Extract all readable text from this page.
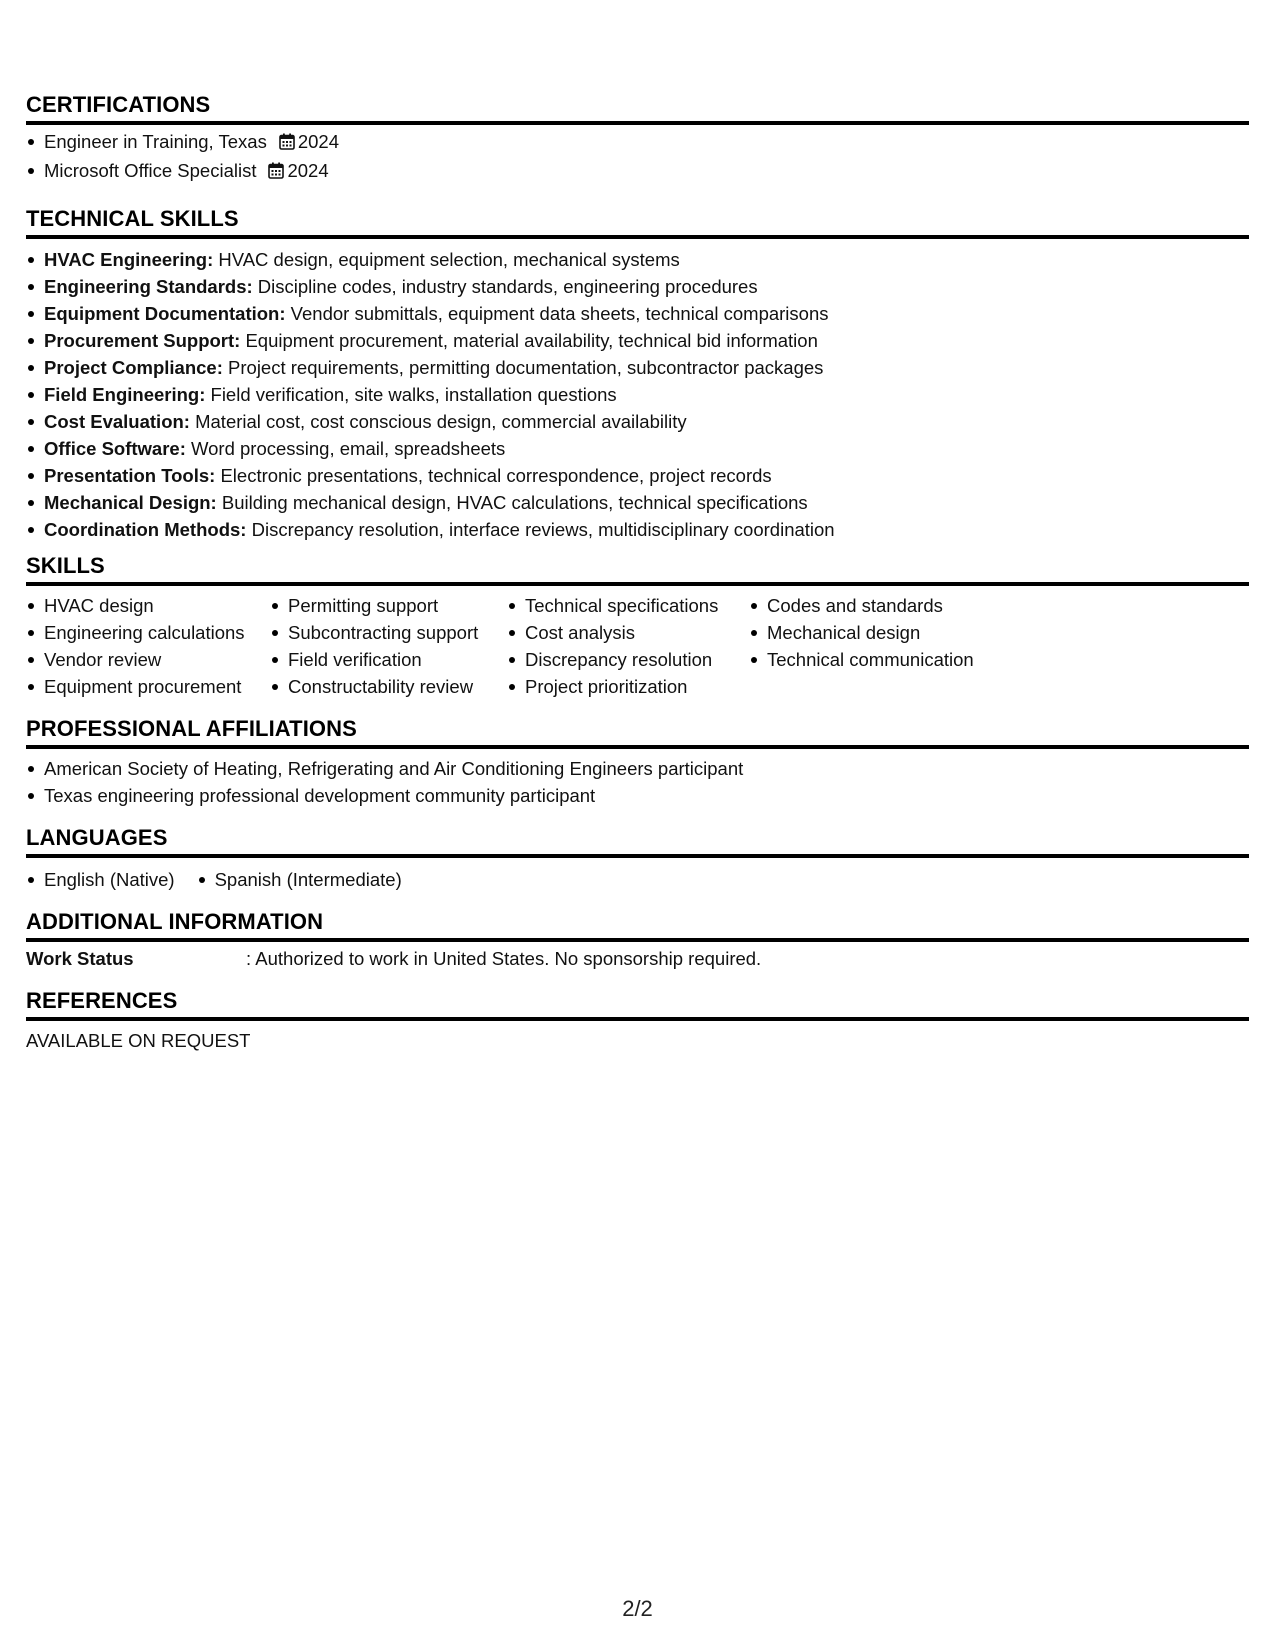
CERTIFICATIONS
Engineer in Training, Texas 2024
Microsoft Office Specialist 2024
TECHNICAL SKILLS
HVAC Engineering: HVAC design, equipment selection, mechanical systems
Engineering Standards: Discipline codes, industry standards, engineering procedures
Equipment Documentation: Vendor submittals, equipment data sheets, technical comparisons
Procurement Support: Equipment procurement, material availability, technical bid information
Project Compliance: Project requirements, permitting documentation, subcontractor packages
Field Engineering: Field verification, site walks, installation questions
Cost Evaluation: Material cost, cost conscious design, commercial availability
Office Software: Word processing, email, spreadsheets
Presentation Tools: Electronic presentations, technical correspondence, project records
Mechanical Design: Building mechanical design, HVAC calculations, technical specifications
Coordination Methods: Discrepancy resolution, interface reviews, multidisciplinary coordination
SKILLS
HVAC design
Engineering calculations
Vendor review
Equipment procurement
Permitting support
Subcontracting support
Field verification
Constructability review
Technical specifications
Cost analysis
Discrepancy resolution
Project prioritization
Codes and standards
Mechanical design
Technical communication
PROFESSIONAL AFFILIATIONS
American Society of Heating, Refrigerating and Air Conditioning Engineers participant
Texas engineering professional development community participant
LANGUAGES
English (Native)	Spanish (Intermediate)
ADDITIONAL INFORMATION
Work Status	: Authorized to work in United States. No sponsorship required.
REFERENCES
AVAILABLE ON REQUEST
2/2
